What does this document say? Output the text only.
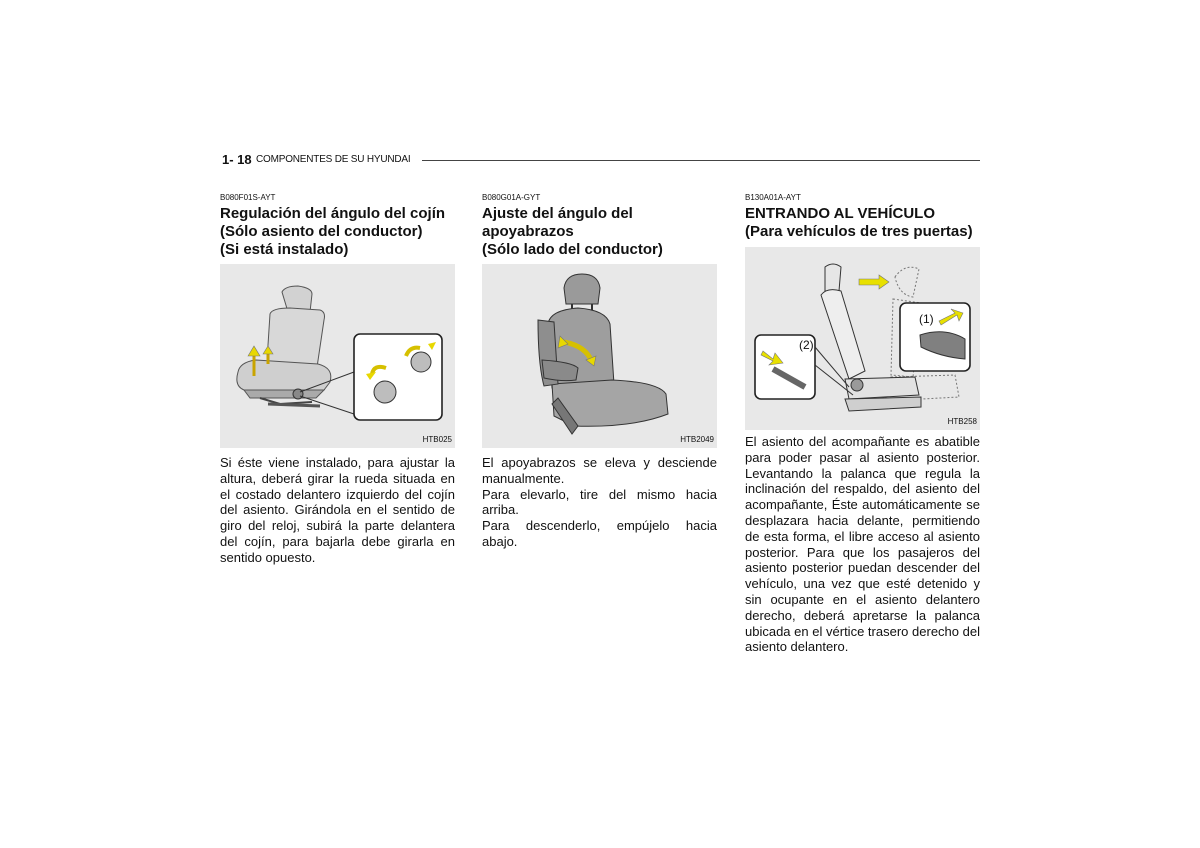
1- 18 COMPONENTES DE SU HYUNDAI
B080F01S-AYT
Regulación del ángulo del cojín
(Sólo asiento del conductor)
(Si está instalado)
HTB025

Si éste viene instalado, para ajustar la altura, deberá girar la rueda situada en el costado delantero izquierdo del cojín del asiento. Girándola en el sentido de giro del reloj, subirá la parte delantera del cojín, para bajarla debe girarla en sentido opuesto.

B080G01A-GYT
Ajuste del ángulo del
apoyabrazos
(Sólo lado del conductor)
HTB2049

El apoyabrazos se eleva y desciende manualmente.

Para elevarlo, tire del mismo hacia arriba.

Para descenderlo, empújelo hacia abajo.

B130A01A-AYT
ENTRANDO AL VEHÍCULO
(Para vehículos de tres puertas)
(1)
(2)
HTB258

El asiento del acompañante es abatible para poder pasar al asiento posterior. Levantando la palanca que regula la inclinación del respaldo, del asiento del acompañante, Éste automáticamente se desplazara hacia delante, permitiendo de esta forma, el libre acceso al asiento posterior. Para que los pasajeros del asiento posterior puedan descender del vehículo, una vez que esté detenido y sin ocupante en el asiento delantero derecho, deberá apretarse la palanca ubicada en el vértice trasero derecho del asiento delantero.
